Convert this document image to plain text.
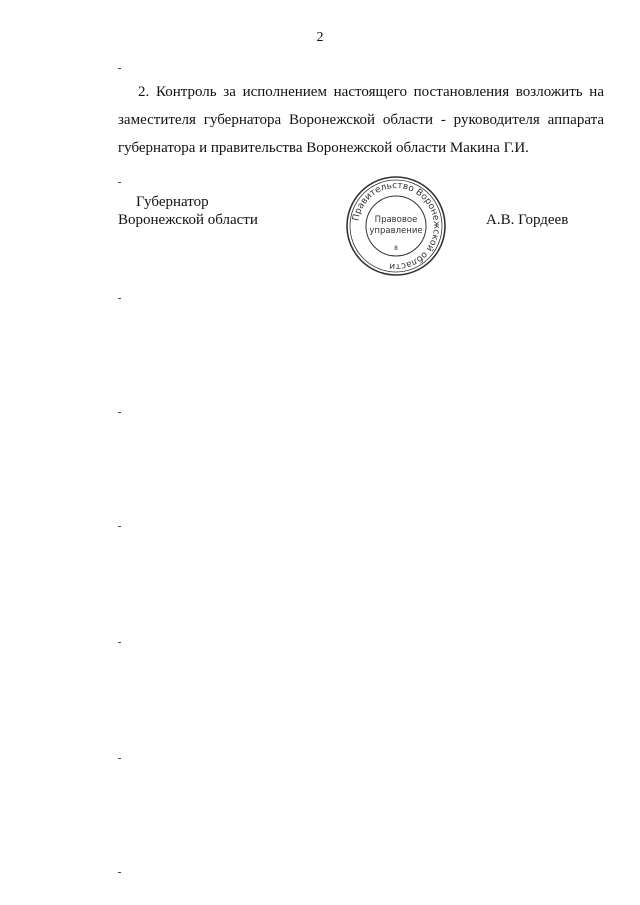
2
2. Контроль за исполнением настоящего постановления возложить на
заместителя губернатора Воронежской области - руководителя аппарата губернатора и правительства Воронежской области Макина Г.И.
Губернатор
Воронежской области	А.В. Гордеев
Правительство Воронежской области
Правовое
управление
8
